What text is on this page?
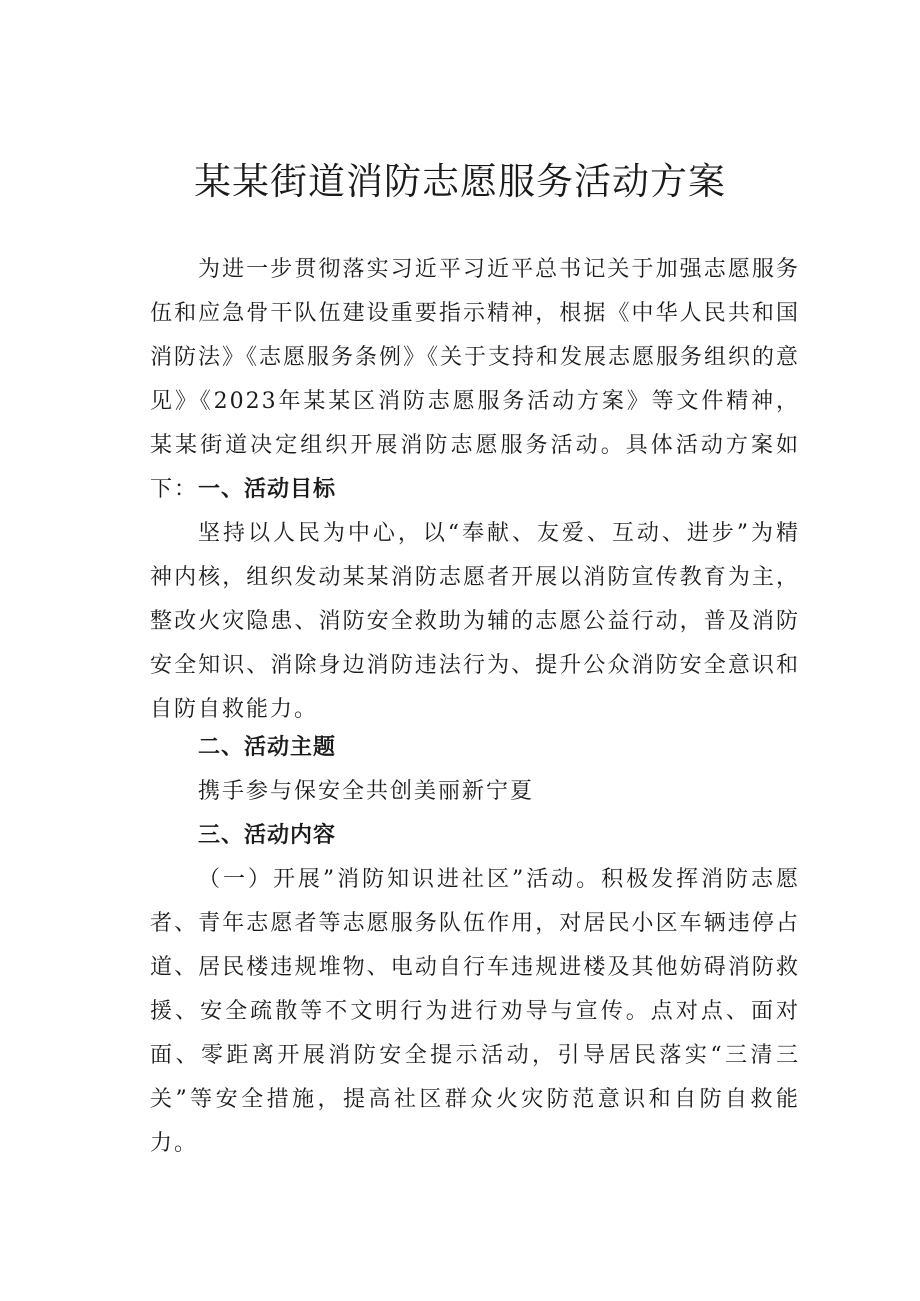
某某街道消防志愿服务活动方案

为进一步贯彻落实习近平习近平总书记关于加强志愿服务伍和应急骨干队伍建设重要指示精神，根据《中华人民共和国消防法》《志愿服务条例》《关于支持和发展志愿服务组织的意见》《2023年某某区消防志愿服务活动方案》等文件精神，某某街道决定组织开展消防志愿服务活动。具体活动方案如下： 一、活动目标

坚持以人民为中心，以“奉献、友爱、互动、进步”为精神内核，组织发动某某消防志愿者开展以消防宣传教育为主，整改火灾隐患、消防安全救助为辅的志愿公益行动，普及消防安全知识、消除身边消防违法行为、提升公众消防安全意识和自防自救能力。

二、活动主题

携手参与保安全共创美丽新宁夏

三、活动内容

（一）开展”消防知识进社区”活动。积极发挥消防志愿者、青年志愿者等志愿服务队伍作用，对居民小区车辆违停占道、居民楼违规堆物、电动自行车违规进楼及其他妨碍消防救援、安全疏散等不文明行为进行劝导与宣传。点对点、面对面、零距离开展消防安全提示活动，引导居民落实“三清三关”等安全措施，提高社区群众火灾防范意识和自防自救能力。
